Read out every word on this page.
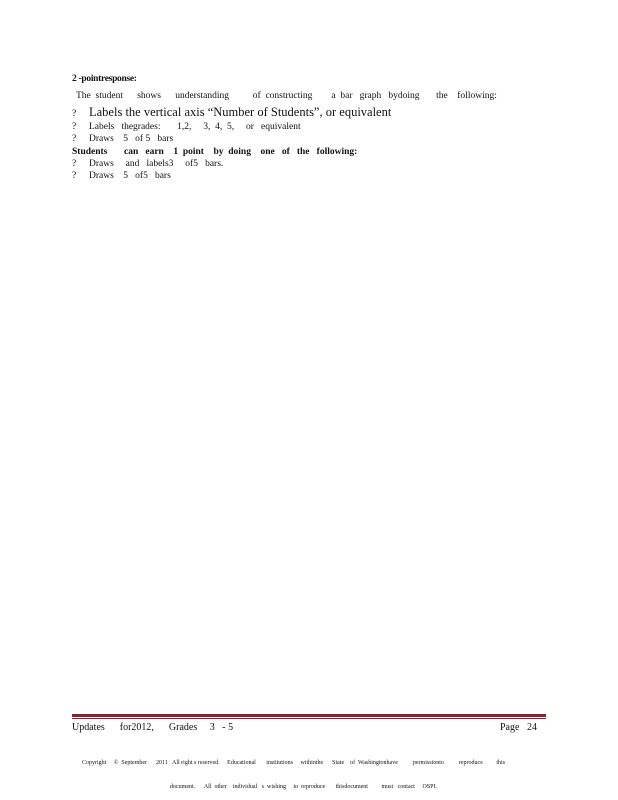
2 -pointresponse:
The  student      shows      understanding          of  constructing        a  bar   graph   bydoing       the    following:
?	Labels the vertical axis “Number of Students”, or equivalent
?	Labels   thegrades:       1,2,     3,  4,  5,     or   equivalent
?	Draws    5   of 5   bars
Students       can   earn    1  point    by  doing    one   of   the   following:
?	Draws     and   labels3     of5   bars.
?	Draws    5   of5   bars
Updates      for2012,      Grades     3   - 5	Page   24

Copyright     ©  September      2011   All right s reserved.     Educational       institutions     withinthe      State    of  Washingtonhave          permissionto          reproduce         this

document.      All  other    individual   s  wishing     to  reproduce       thisdocument         must   contact     OSPI.
